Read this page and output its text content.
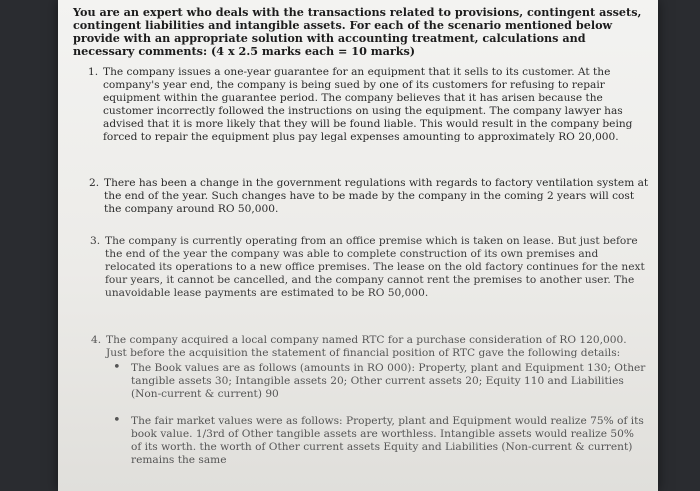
You are an expert who deals with the transactions related to provisions, contingent assets, contingent liabilities and intangible assets. For each of the scenario mentioned below provide with an appropriate solution with accounting treatment, calculations and necessary comments: (4 x 2.5 marks each = 10 marks)
1. The company issues a one-year guarantee for an equipment that it sells to its customer. At the company's year end, the company is being sued by one of its customers for refusing to repair equipment within the guarantee period. The company believes that it has arisen because the customer incorrectly followed the instructions on using the equipment. The company lawyer has advised that it is more likely that they will be found liable. This would result in the company being forced to repair the equipment plus pay legal expenses amounting to approximately RO 20,000.
2. There has been a change in the government regulations with regards to factory ventilation system at the end of the year. Such changes have to be made by the company in the coming 2 years will cost the company around RO 50,000.
3. The company is currently operating from an office premise which is taken on lease. But just before the end of the year the company was able to complete construction of its own premises and relocated its operations to a new office premises. The lease on the old factory continues for the next four years, it cannot be cancelled, and the company cannot rent the premises to another user. The unavoidable lease payments are estimated to be RO 50,000.
4. The company acquired a local company named RTC for a purchase consideration of RO 120,000. Just before the acquisition the statement of financial position of RTC gave the following details:
• The Book values are as follows (amounts in RO 000): Property, plant and Equipment 130; Other tangible assets 30; Intangible assets 20; Other current assets 20; Equity 110 and Liabilities (Non-current & current) 90
• The fair market values were as follows: Property, plant and Equipment would realize 75% of its book value. 1/3rd of Other tangible assets are worthless. Intangible assets would realize 50% of its worth. the worth of Other current assets Equity and Liabilities (Non-current & current) remains the same
